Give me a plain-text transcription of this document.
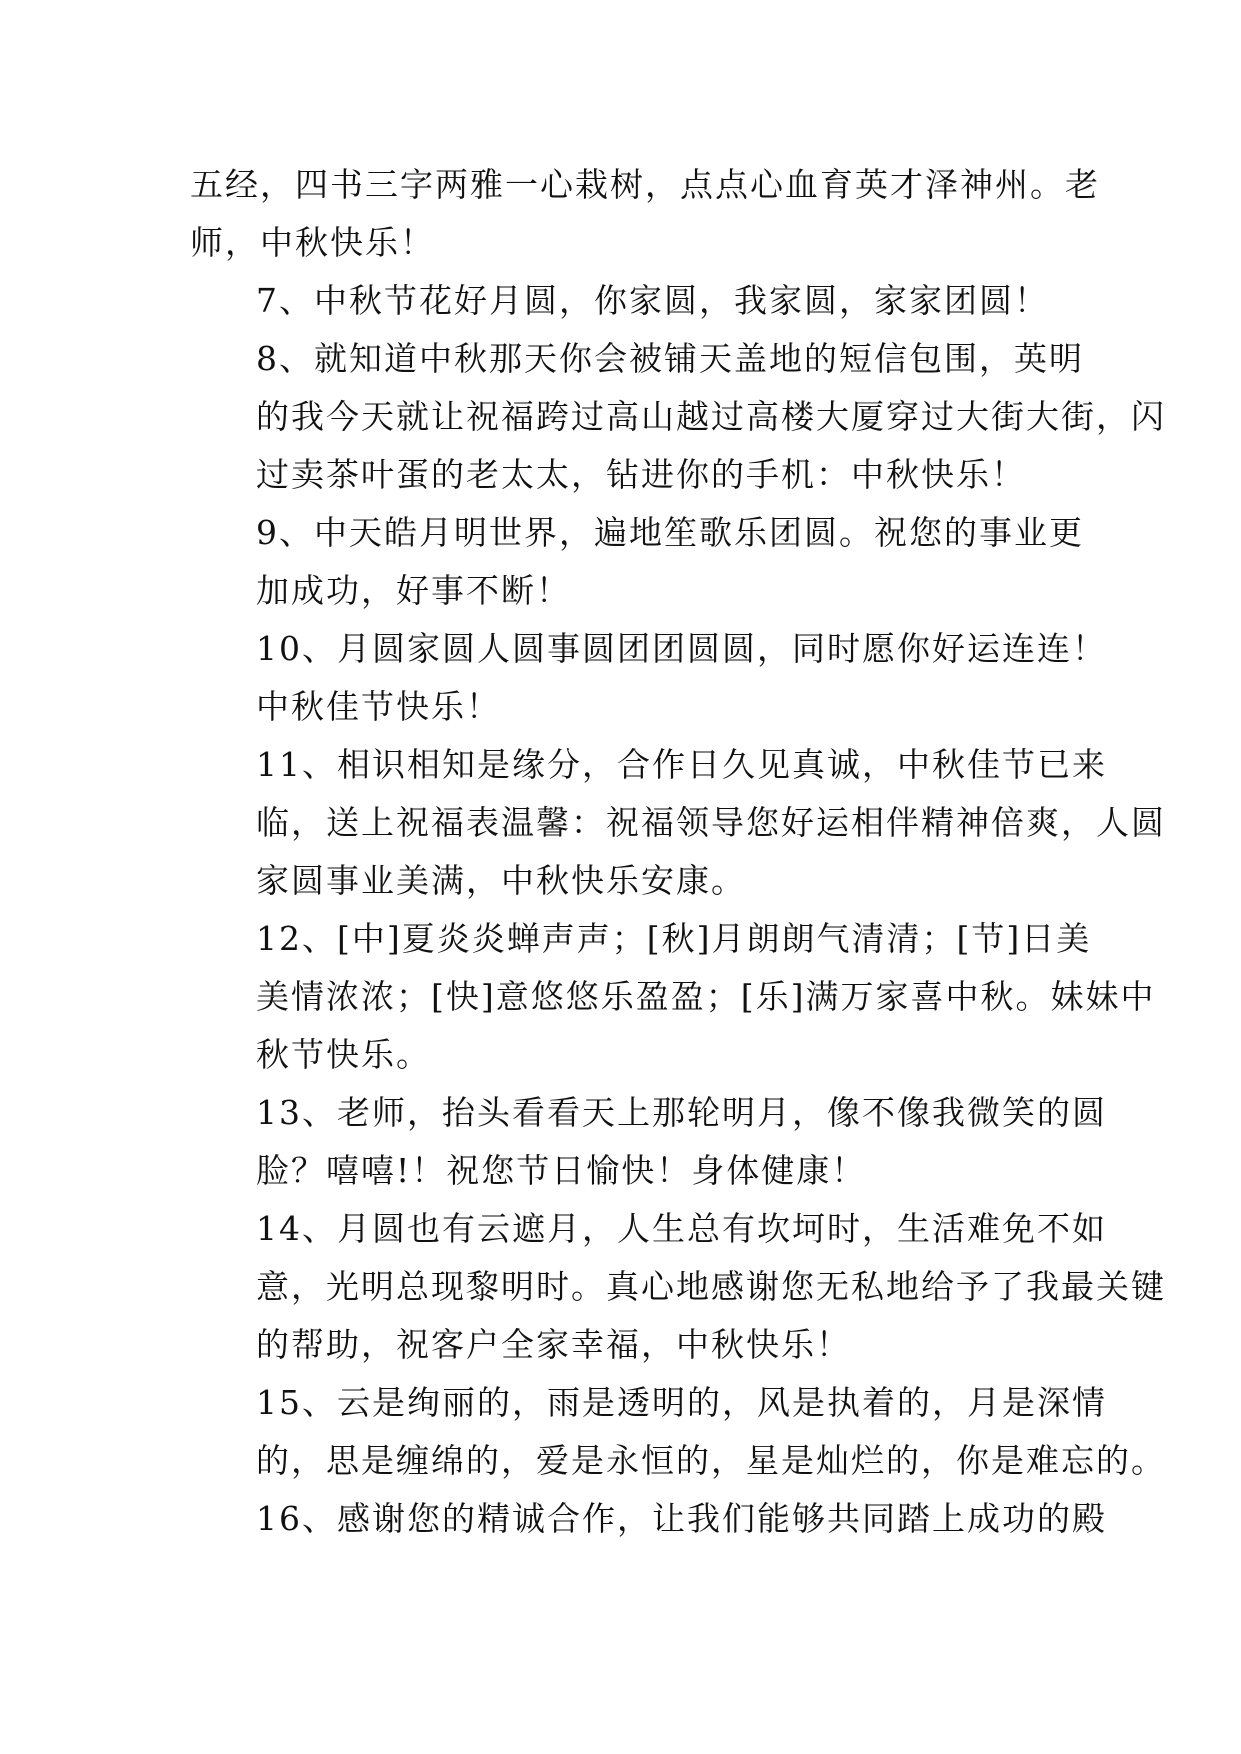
五经，四书三字两雅一心栽树，点点心血育英才泽神州。老
师，中秋快乐！

7、中秋节花好月圆，你家圆，我家圆，家家团圆！

8、就知道中秋那天你会被铺天盖地的短信包围，英明
的我今天就让祝福跨过高山越过高楼大厦穿过大街大街，闪
过卖茶叶蛋的老太太，钻进你的手机：中秋快乐！

9、中天皓月明世界，遍地笙歌乐团圆。祝您的事业更
加成功，好事不断！

10、月圆家圆人圆事圆团团圆圆，同时愿你好运连连！
中秋佳节快乐！

11、相识相知是缘分，合作日久见真诚，中秋佳节已来
临，送上祝福表温馨：祝福领导您好运相伴精神倍爽，人圆
家圆事业美满，中秋快乐安康。

12、[中]夏炎炎蝉声声；[秋]月朗朗气清清；[节]日美
美情浓浓；[快]意悠悠乐盈盈；[乐]满万家喜中秋。妹妹中
秋节快乐。

13、老师，抬头看看天上那轮明月，像不像我微笑的圆
脸？嘻嘻!！祝您节日愉快！身体健康！

14、月圆也有云遮月，人生总有坎坷时，生活难免不如
意，光明总现黎明时。真心地感谢您无私地给予了我最关键
的帮助，祝客户全家幸福，中秋快乐！

15、云是绚丽的，雨是透明的，风是执着的，月是深情
的，思是缠绵的，爱是永恒的，星是灿烂的，你是难忘的。

16、感谢您的精诚合作，让我们能够共同踏上成功的殿
